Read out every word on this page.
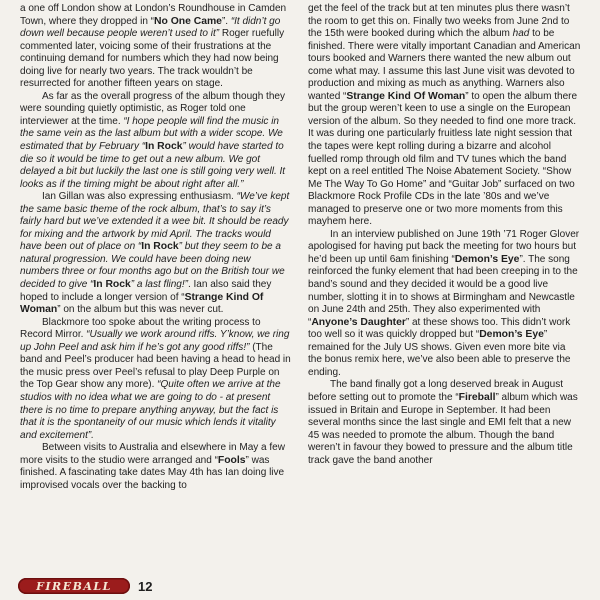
a one off London show at London’s Roundhouse in Camden Town, where they dropped in “No One Came”. “It didn’t go down well because people weren’t used to it” Roger ruefully commented later, voicing some of their frustrations at the continuing demand for numbers which they had now being doing live for nearly two years. The track wouldn’t be resurrected for another fifteen years on stage.

As far as the overall progress of the album though they were sounding quietly optimistic, as Roger told one interviewer at the time. “I hope people will find the music in the same vein as the last album but with a wider scope. We estimated that by February “In Rock” would have started to die so it would be time to get out a new album. We got delayed a bit but luckily the last one is still going very well. It looks as if the timing might be about right after all.”

Ian Gillan was also expressing enthusiasm. “We’ve kept the same basic theme of the rock album, that’s to say it’s fairly hard but we’ve extended it a wee bit. It should be ready for mixing and the artwork by mid April. The tracks would have been out of place on “In Rock” but they seem to be a natural progression. We could have been doing new numbers three or four months ago but on the British tour we decided to give “In Rock” a last fling!”. Ian also said they hoped to include a longer version of “Strange Kind Of Woman” on the album but this was never cut.

Blackmore too spoke about the writing process to Record Mirror. “Usually we work around riffs. Y’know, we ring up John Peel and ask him if he’s got any good riffs!” (The band and Peel’s producer had been having a head to head in the music press over Peel’s refusal to play Deep Purple on the Top Gear show any more). “Quite often we arrive at the studios with no idea what we are going to do - at present there is no time to prepare anything anyway, but the fact is that it is the spontaneity of our music which lends it vitality and excitement”.

Between visits to Australia and elsewhere in May a few more visits to the studio were arranged and “Fools” was finished. A fascinating take dates May 4th has Ian doing live improvised vocals over the backing to

get the feel of the track but at ten minutes plus there wasn’t the room to get this on. Finally two weeks from June 2nd to the 15th were booked during which the album had to be finished. There were vitally important Canadian and American tours booked and Warners there wanted the new album out come what may. I assume this last June visit was devoted to production and mixing as much as anything. Warners also wanted “Strange Kind Of Woman” to open the album there but the group weren’t keen to use a single on the European version of the album. So they needed to find one more track. It was during one particularly fruitless late night session that the tapes were kept rolling during a bizarre and alcohol fuelled romp through old film and TV tunes which the band kept on a reel entitled The Noise Abatement Society. “Show Me The Way To Go Home” and “Guitar Job” surfaced on two Blackmore Rock Profile CDs in the late ’80s and we’ve managed to preserve one or two more moments from this mayhem here.

In an interview published on June 19th ’71 Roger Glover apologised for having put back the meeting for two hours but he’d been up until 6am finishing “Demon’s Eye”. The song reinforced the funky element that had been creeping in to the band’s sound and they decided it would be a good live number, slotting it in to shows at Birmingham and Newcastle on June 24th and 25th. They also experimented with “Anyone’s Daughter” at these shows too. This didn’t work too well so it was quickly dropped but “Demon’s Eye” remained for the July US shows. Given even more bite via the bonus remix here, we’ve also been able to preserve the ending.

The band finally got a long deserved break in August before setting out to promote the “Fireball” album which was issued in Britain and Europe in September. It had been several months since the last single and EMI felt that a new 45 was needed to promote the album. Though the band weren’t in favour they bowed to pressure and the album title track gave the band another

FIREBALL 12
